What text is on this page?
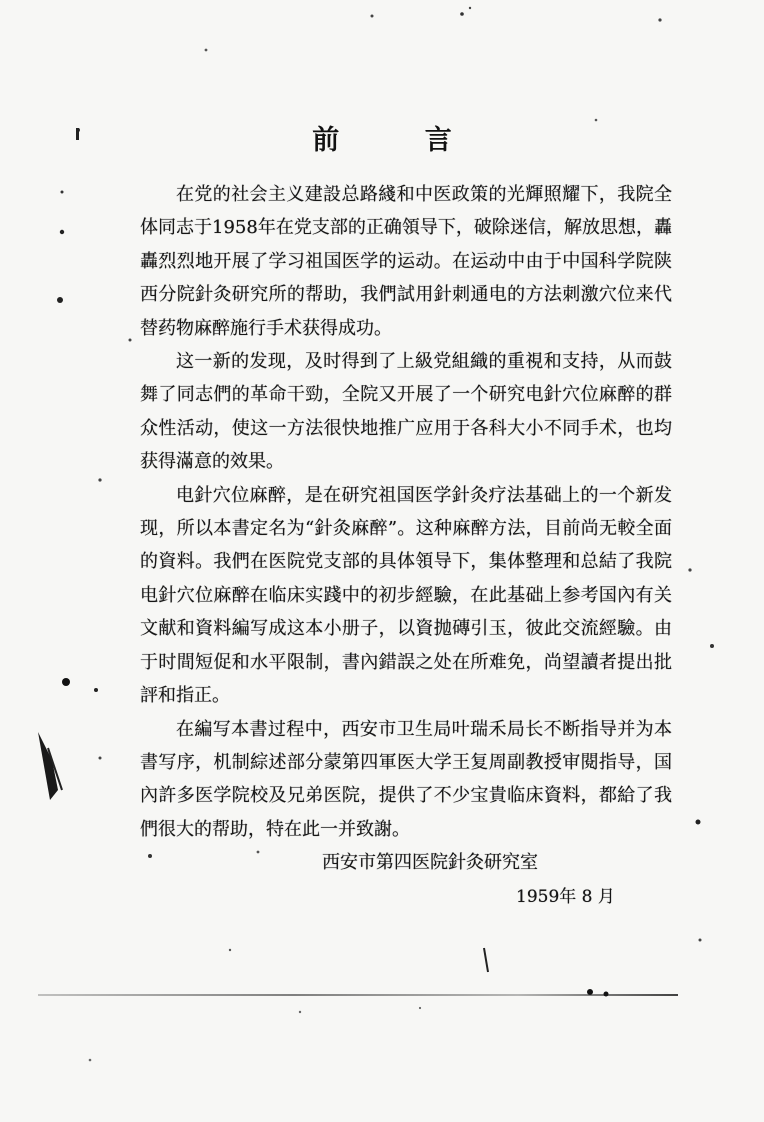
前 言

在党的社会主义建設总路綫和中医政策的光輝照耀下，我院全体同志于1958年在党支部的正确領导下，破除迷信，解放思想，轟轟烈烈地开展了学习祖国医学的运动。在运动中由于中国科学院陕西分院針灸研究所的帮助，我們試用針刺通电的方法刺激穴位来代替药物麻醉施行手术获得成功。

这一新的发现，及时得到了上級党組織的重視和支持，从而鼓舞了同志們的革命干勁，全院又开展了一个研究电針穴位麻醉的群众性活动，使这一方法很快地推广应用于各科大小不同手术，也均获得滿意的效果。

电針穴位麻醉，是在研究祖国医学針灸疗法基础上的一个新发现，所以本書定名为“針灸麻醉”。这种麻醉方法，目前尚无較全面的資料。我們在医院党支部的具体領导下，集体整理和总結了我院电針穴位麻醉在临床实踐中的初步經驗，在此基础上参考国內有关文献和資料編写成这本小册子，以資抛磚引玉，彼此交流經驗。由于时間短促和水平限制，書內錯誤之处在所难免，尚望讀者提出批評和指正。

在編写本書过程中，西安市卫生局叶瑞禾局长不断指导并为本書写序，机制綜述部分蒙第四軍医大学王复周副教授审閱指导，国內許多医学院校及兄弟医院，提供了不少宝貴临床資料，都給了我們很大的帮助，特在此一并致謝。

西安市第四医院針灸研究室
1959年 8 月
